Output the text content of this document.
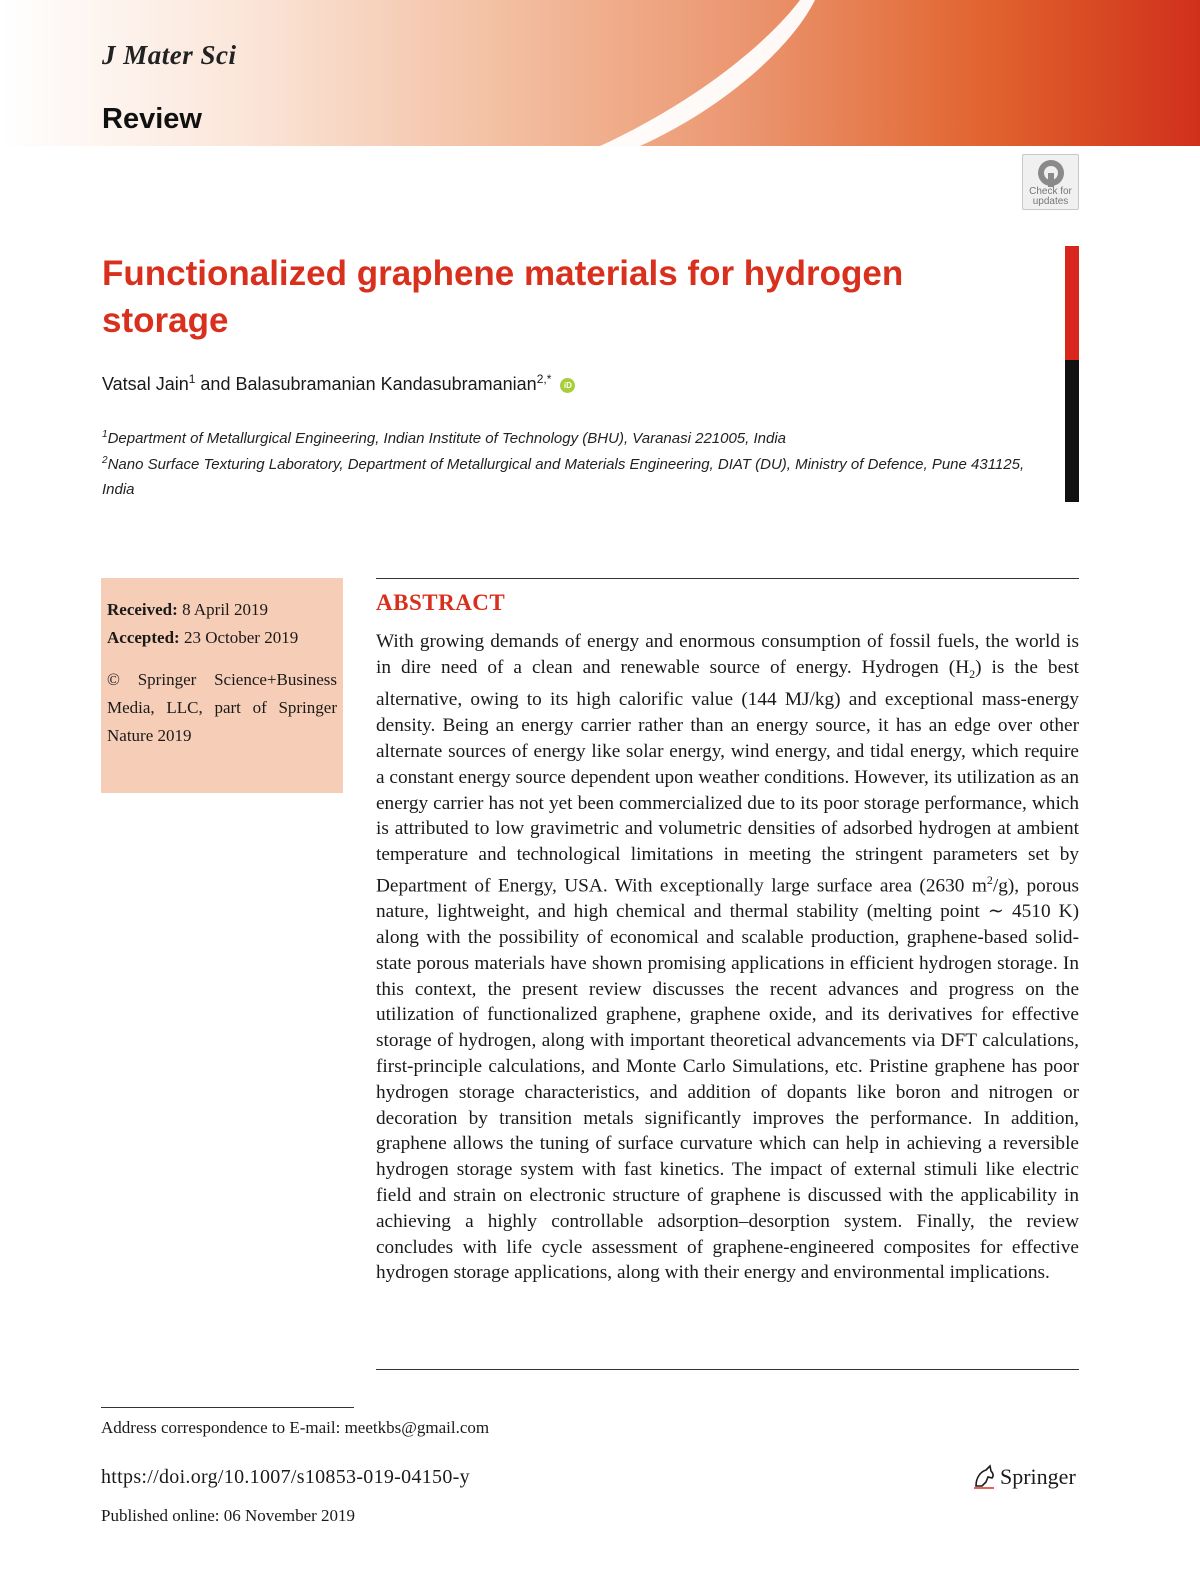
J Mater Sci

Review

Check for
updates
Functionalized graphene materials for hydrogen storage

Vatsal Jain$^1$ and Balasubramanian Kandasubramanian$^{2,*}$ iD

$^1$Department of Metallurgical Engineering, Indian Institute of Technology (BHU), Varanasi 221005, India

$^2$Nano Surface Texturing Laboratory, Department of Metallurgical and Materials Engineering, DIAT (DU), Ministry of Defence, Pune 431125, India

Received: 8 April 2019

Accepted: 23 October 2019

© Springer Science+Business Media, LLC, part of Springer Nature 2019

ABSTRACT

With growing demands of energy and enormous consumption of fossil fuels, the world is in dire need of a clean and renewable source of energy. Hydrogen $(H_2)$ is the best alternative, owing to its high calorific value (144 MJ/kg) and exceptional mass-energy density. Being an energy carrier rather than an energy source, it has an edge over other alternate sources of energy like solar energy, wind energy, and tidal energy, which require a constant energy source dependent upon weather conditions. However, its utilization as an energy carrier has not yet been commercialized due to its poor storage performance, which is attributed to low gravimetric and volumetric densities of adsorbed hydrogen at ambient temperature and technological limitations in meeting the stringent parameters set by Department of Energy, USA. With exceptionally large surface area (2630 $m^2/g$), porous nature, lightweight, and high chemical and thermal stability (melting point ∼ 4510 K) along with the possibility of economical and scalable production, graphene-based solid-state porous materials have shown promising applications in efficient hydrogen storage. In this context, the present review discusses the recent advances and progress on the utilization of functionalized graphene, graphene oxide, and its derivatives for effective storage of hydrogen, along with important theoretical advancements via DFT calculations, first-principle calculations, and Monte Carlo Simulations, etc. Pristine graphene has poor hydrogen storage characteristics, and addition of dopants like boron and nitrogen or decoration by transition metals significantly improves the performance. In addition, graphene allows the tuning of surface curvature which can help in achieving a reversible hydrogen storage system with fast kinetics. The impact of external stimuli like electric field and strain on electronic structure of graphene is discussed with the applicability in achieving a highly controllable adsorption–desorption system. Finally, the review concludes with life cycle assessment of graphene-engineered composites for effective hydrogen storage applications, along with their energy and environmental implications.

Address correspondence to E-mail: meetkbs@gmail.com

https://doi.org/10.1007/s10853-019-04150-y

Published online: 06 November 2019

Springer
